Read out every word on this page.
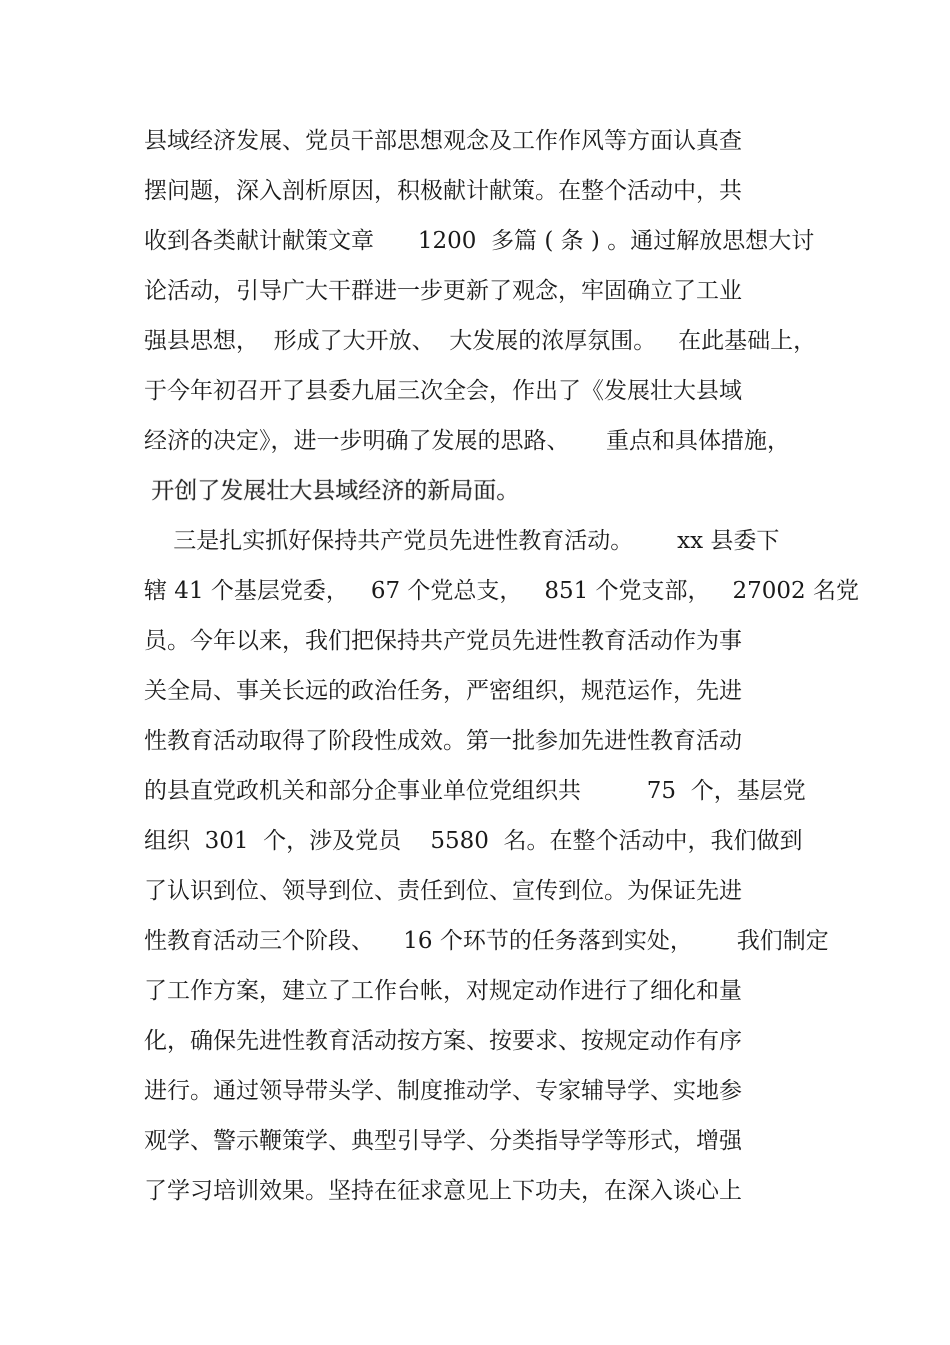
县域经济发展、党员干部思想观念及工作作风等方面认真查

摆问题，深入剖析原因，积极献计献策。在整个活动中，共

收到各类献计献策文章      1200  多篇 ( 条 ) 。通过解放思想大讨

论活动，引导广大干群进一步更新了观念，牢固确立了工业

强县思想，  形成了大开放、  大发展的浓厚氛围。   在此基础上，

于今年初召开了县委九届三次全会，作出了《发展壮大县域

经济的决定》，进一步明确了发展的思路、     重点和具体措施，

开创了发展壮大县域经济的新局面。

三是扎实抓好保持共产党员先进性教育活动。      xx 县委下

辖 41 个基层党委，   67 个党总支，   851 个党支部，   27002 名党

员。今年以来，我们把保持共产党员先进性教育活动作为事

关全局、事关长远的政治任务，严密组织，规范运作，先进

性教育活动取得了阶段性成效。第一批参加先进性教育活动

的县直党政机关和部分企事业单位党组织共         75  个，基层党

组织  301  个，涉及党员    5580  名。在整个活动中，我们做到

了认识到位、领导到位、责任到位、宣传到位。为保证先进

性教育活动三个阶段、    16 个环节的任务落到实处，      我们制定

了工作方案，建立了工作台帐，对规定动作进行了细化和量

化，确保先进性教育活动按方案、按要求、按规定动作有序

进行。通过领导带头学、制度推动学、专家辅导学、实地参

观学、警示鞭策学、典型引导学、分类指导学等形式，增强

了学习培训效果。坚持在征求意见上下功夫，在深入谈心上
